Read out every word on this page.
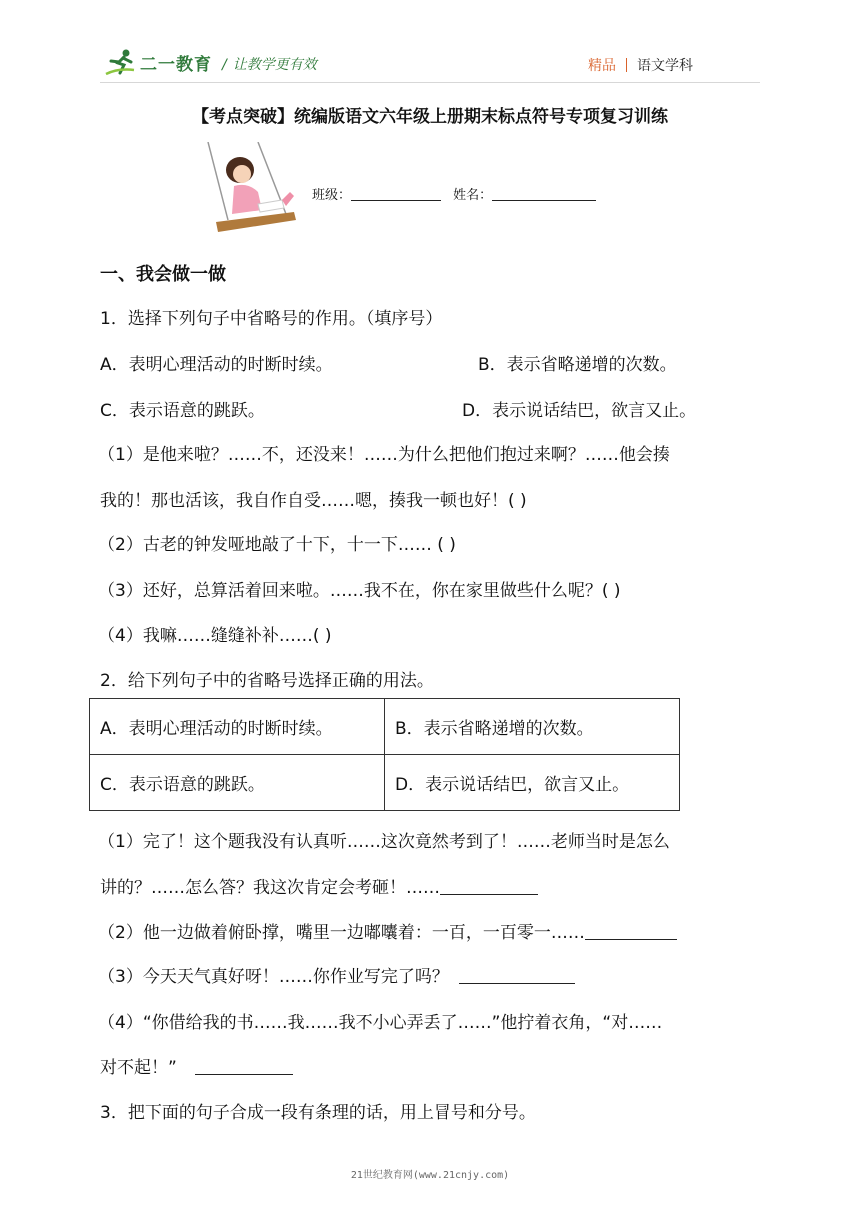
二一教育 / 让教学更有效	精品 语文学科
【考点突破】统编版语文六年级上册期末标点符号专项复习训练
班级：	姓名：
一、我会做一做
1．选择下列句子中省略号的作用。（填序号）
A．表明心理活动的时断时续。	B．表示省略递增的次数。
C．表示语意的跳跃。	D．表示说话结巴，欲言又止。
（1）是他来啦？……不，还没来！……为什么把他们抱过来啊？……他会揍
我的！那也活该，我自作自受……嗯，揍我一顿也好！( )
（2）古老的钟发哑地敲了十下，十一下…… ( )
（3）还好，总算活着回来啦。……我不在，你在家里做些什么呢？( )
（4）我嘛……缝缝补补……( )
2．给下列句子中的省略号选择正确的用法。
A．表明心理活动的时断时续。	B．表示省略递增的次数。
C．表示语意的跳跃。	D．表示说话结巴，欲言又止。
（1）完了！这个题我没有认真听……这次竟然考到了！……老师当时是怎么
讲的？……怎么答？我这次肯定会考砸！……
（2）他一边做着俯卧撑，嘴里一边嘟囔着：一百，一百零一……
（3）今天天气真好呀！……你作业写完了吗？
（4）“你借给我的书……我……我不小心弄丢了……”他拧着衣角，“对……
对不起！”
3．把下面的句子合成一段有条理的话，用上冒号和分号。
21世纪教育网(www.21cnjy.com)
